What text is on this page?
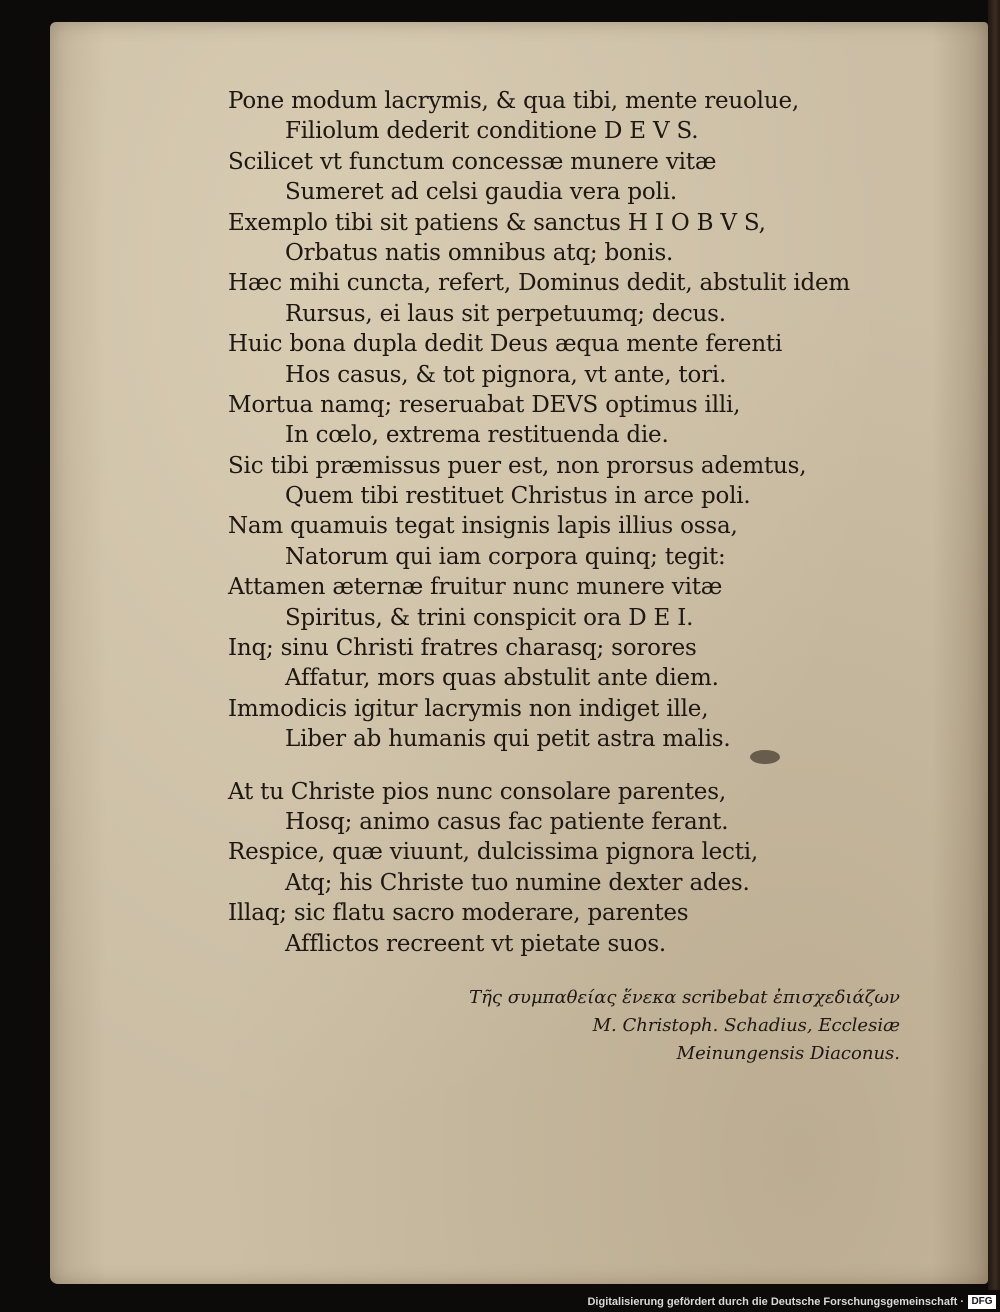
Pone modum lacrymis, & qua tibi, mente reuolue,
Filiolum dederit conditione D E V S.
Scilicet vt functum concessæ munere vitæ
Sumeret ad celsi gaudia vera poli.
Exemplo tibi sit patiens & sanctus H I O B V S,
Orbatus natis omnibus atq; bonis.
Hæc mihi cuncta, refert, Dominus dedit, abstulit idem
Rursus, ei laus sit perpetuumq; decus.
Huic bona dupla dedit Deus æqua mente ferenti
Hos casus, & tot pignora, vt ante, tori.
Mortua namq; reseruabat DEVS optimus illi,
In cœlo, extrema restituenda die.
Sic tibi præmissus puer est, non prorsus ademtus,
Quem tibi restituet Christus in arce poli.
Nam quamuis tegat insignis lapis illius ossa,
Natorum qui iam corpora quinq; tegit:
Attamen æternæ fruitur nunc munere vitæ
Spiritus, & trini conspicit ora D E I.
Inq; sinu Christi fratres charasq; sorores
Affatur, mors quas abstulit ante diem.
Immodicis igitur lacrymis non indiget ille,
Liber ab humanis qui petit astra malis.
At tu Christe pios nunc consolare parentes,
Hosq; animo casus fac patiente ferant.
Respice, quæ viuunt, dulcissima pignora lecti,
Atq; his Christe tuo numine dexter ades.
Illaq; sic flatu sacro moderare, parentes
Afflictos recreent vt pietate suos.
Τῆς συμπαθείας ἕνεκα scribebat ἐπισχεδιάζων
M. Christoph. Schadius, Ecclesiæ
Meinungensis Diaconus.
Digitalisierung gefördert durch die Deutsche Forschungsgemeinschaft · DFG
